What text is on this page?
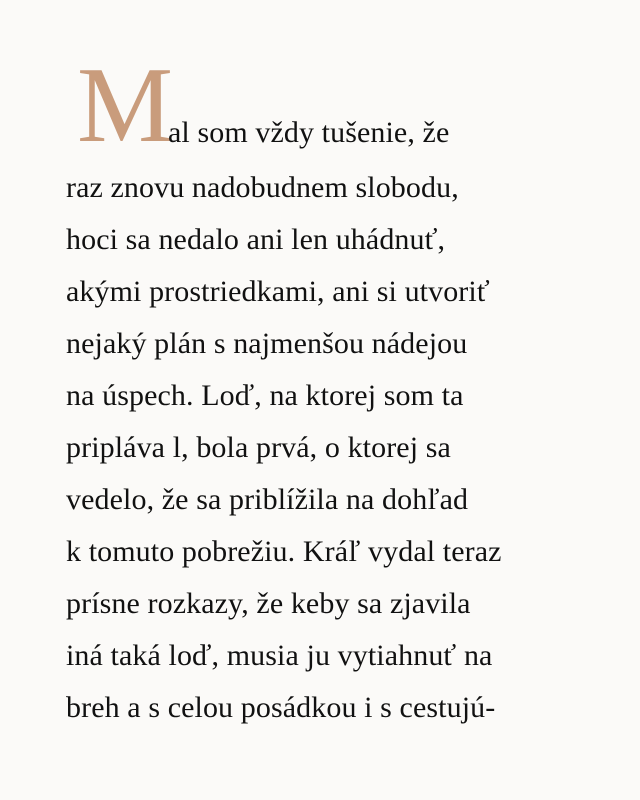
M
al som vždy tušenie, že
raz znovu nadobudnem slobodu,
hoci sa nedalo ani len uhádnuť,
akými prostriedkami, ani si utvoriť
nejaký plán s najmenšou nádejou
na úspech. Loď, na ktorej som ta
pripláva l, bola prvá, o ktorej sa
vedelo, že sa priblížila na dohľad
k tomuto pobrežiu. Kráľ vydal teraz
prísne rozkazy, že keby sa zjavila
iná taká loď, musia ju vytiahnuť na
breh a s celou posádkou i s cestujú-
